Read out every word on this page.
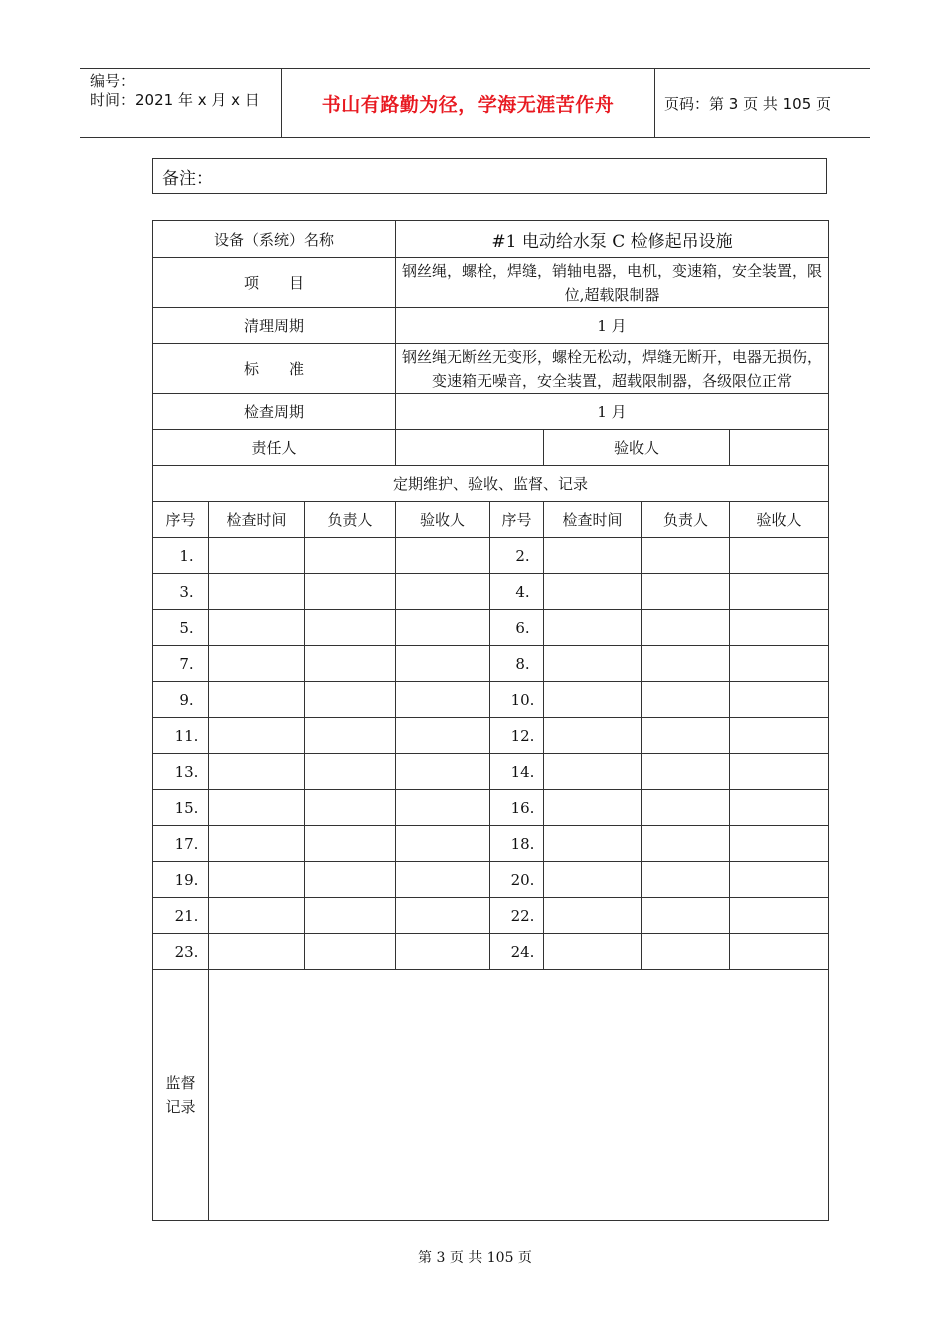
编号：
时间：2021 年 x 月 x 日	书山有路勤为径，学海无涯苦作舟	页码：第 3 页 共 105 页
备注：
设备（系统）名称			#1 电动给水泵 C 检修起吊设施				
项　　目			钢丝绳，螺栓，焊缝，销轴电器，电机，变速箱，安全装置，限位,超载限制器				
清理周期			1 月				
标　　准			钢丝绳无断丝无变形，螺栓无松动，焊缝无断开，电器无损伤，变速箱无噪音，安全装置，超载限制器，各级限位正常				
检查周期			1 月				
责任人					验收人		
定期维护、验收、监督、记录							
序号	检查时间	负责人	验收人	序号	检查时间	负责人	验收人
1.				2.			
3.				4.			
5.				6.			
7.				8.			
9.				10.			
11.				12.			
13.				14.			
15.				16.			
17.				18.			
19.				20.			
21.				22.			
23.				24.			

监督
记录							

第 3 页 共 105 页
